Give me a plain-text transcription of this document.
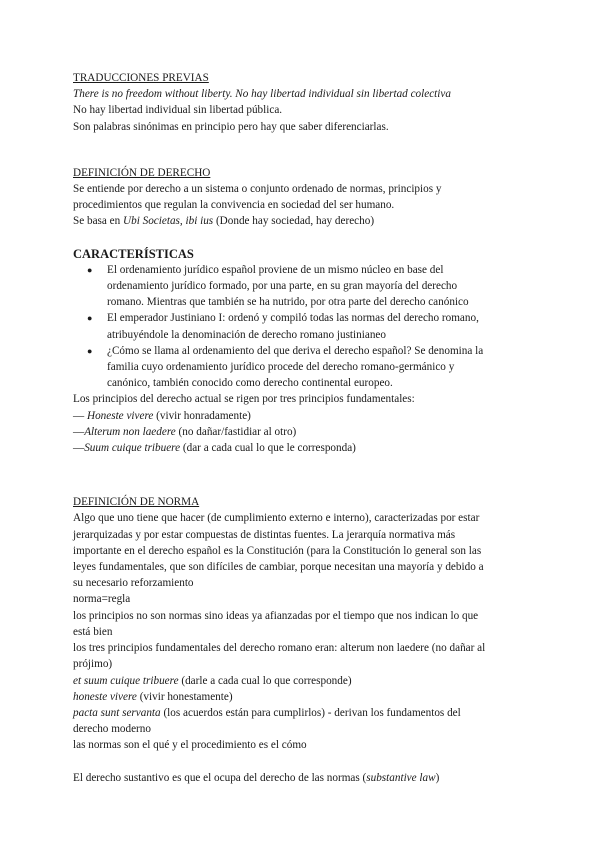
TRADUCCIONES PREVIAS
There is no freedom without liberty. No hay libertad individual sin libertad colectiva
No hay libertad individual sin libertad pública.
Son palabras sinónimas en principio pero hay que saber diferenciarlas.
DEFINICIÓN DE DERECHO
Se entiende por derecho a un sistema o conjunto ordenado de normas, principios y
procedimientos que regulan la convivencia en sociedad del ser humano.
Se basa en Ubi Societas, ibi ius (Donde hay sociedad, hay derecho)
CARACTERÍSTICAS
● El ordenamiento jurídico español proviene de un mismo núcleo en base del
ordenamiento jurídico formado, por una parte, en su gran mayoría del derecho
romano. Mientras que también se ha nutrido, por otra parte del derecho canónico
● El emperador Justiniano I: ordenó y compiló todas las normas del derecho romano,
atribuyéndole la denominación de derecho romano justinianeo
● ¿Cómo se llama al ordenamiento del que deriva el derecho español? Se denomina la
familia cuyo ordenamiento jurídico procede del derecho romano-germánico y
canónico, también conocido como derecho continental europeo.
Los principios del derecho actual se rigen por tres principios fundamentales:
— Honeste vivere (vivir honradamente)
—Alterum non laedere (no dañar/fastidiar al otro)
—Suum cuique tribuere (dar a cada cual lo que le corresponda)
DEFINICIÓN DE NORMA
Algo que uno tiene que hacer (de cumplimiento externo e interno), caracterizadas por estar
jerarquizadas y por estar compuestas de distintas fuentes. La jerarquía normativa más
importante en el derecho español es la Constitución (para la Constitución lo general son las
leyes fundamentales, que son difíciles de cambiar, porque necesitan una mayoría y debido a
su necesario reforzamiento
norma=regla
los principios no son normas sino ideas ya afianzadas por el tiempo que nos indican lo que
está bien
los tres principios fundamentales del derecho romano eran: alterum non laedere (no dañar al
prójimo)
et suum cuique tribuere (darle a cada cual lo que corresponde)
honeste vivere (vivir honestamente)
pacta sunt servanta (los acuerdos están para cumplirlos) - derivan los fundamentos del
derecho moderno
las normas son el qué y el procedimiento es el cómo
El derecho sustantivo es que el ocupa del derecho de las normas (substantive law)
